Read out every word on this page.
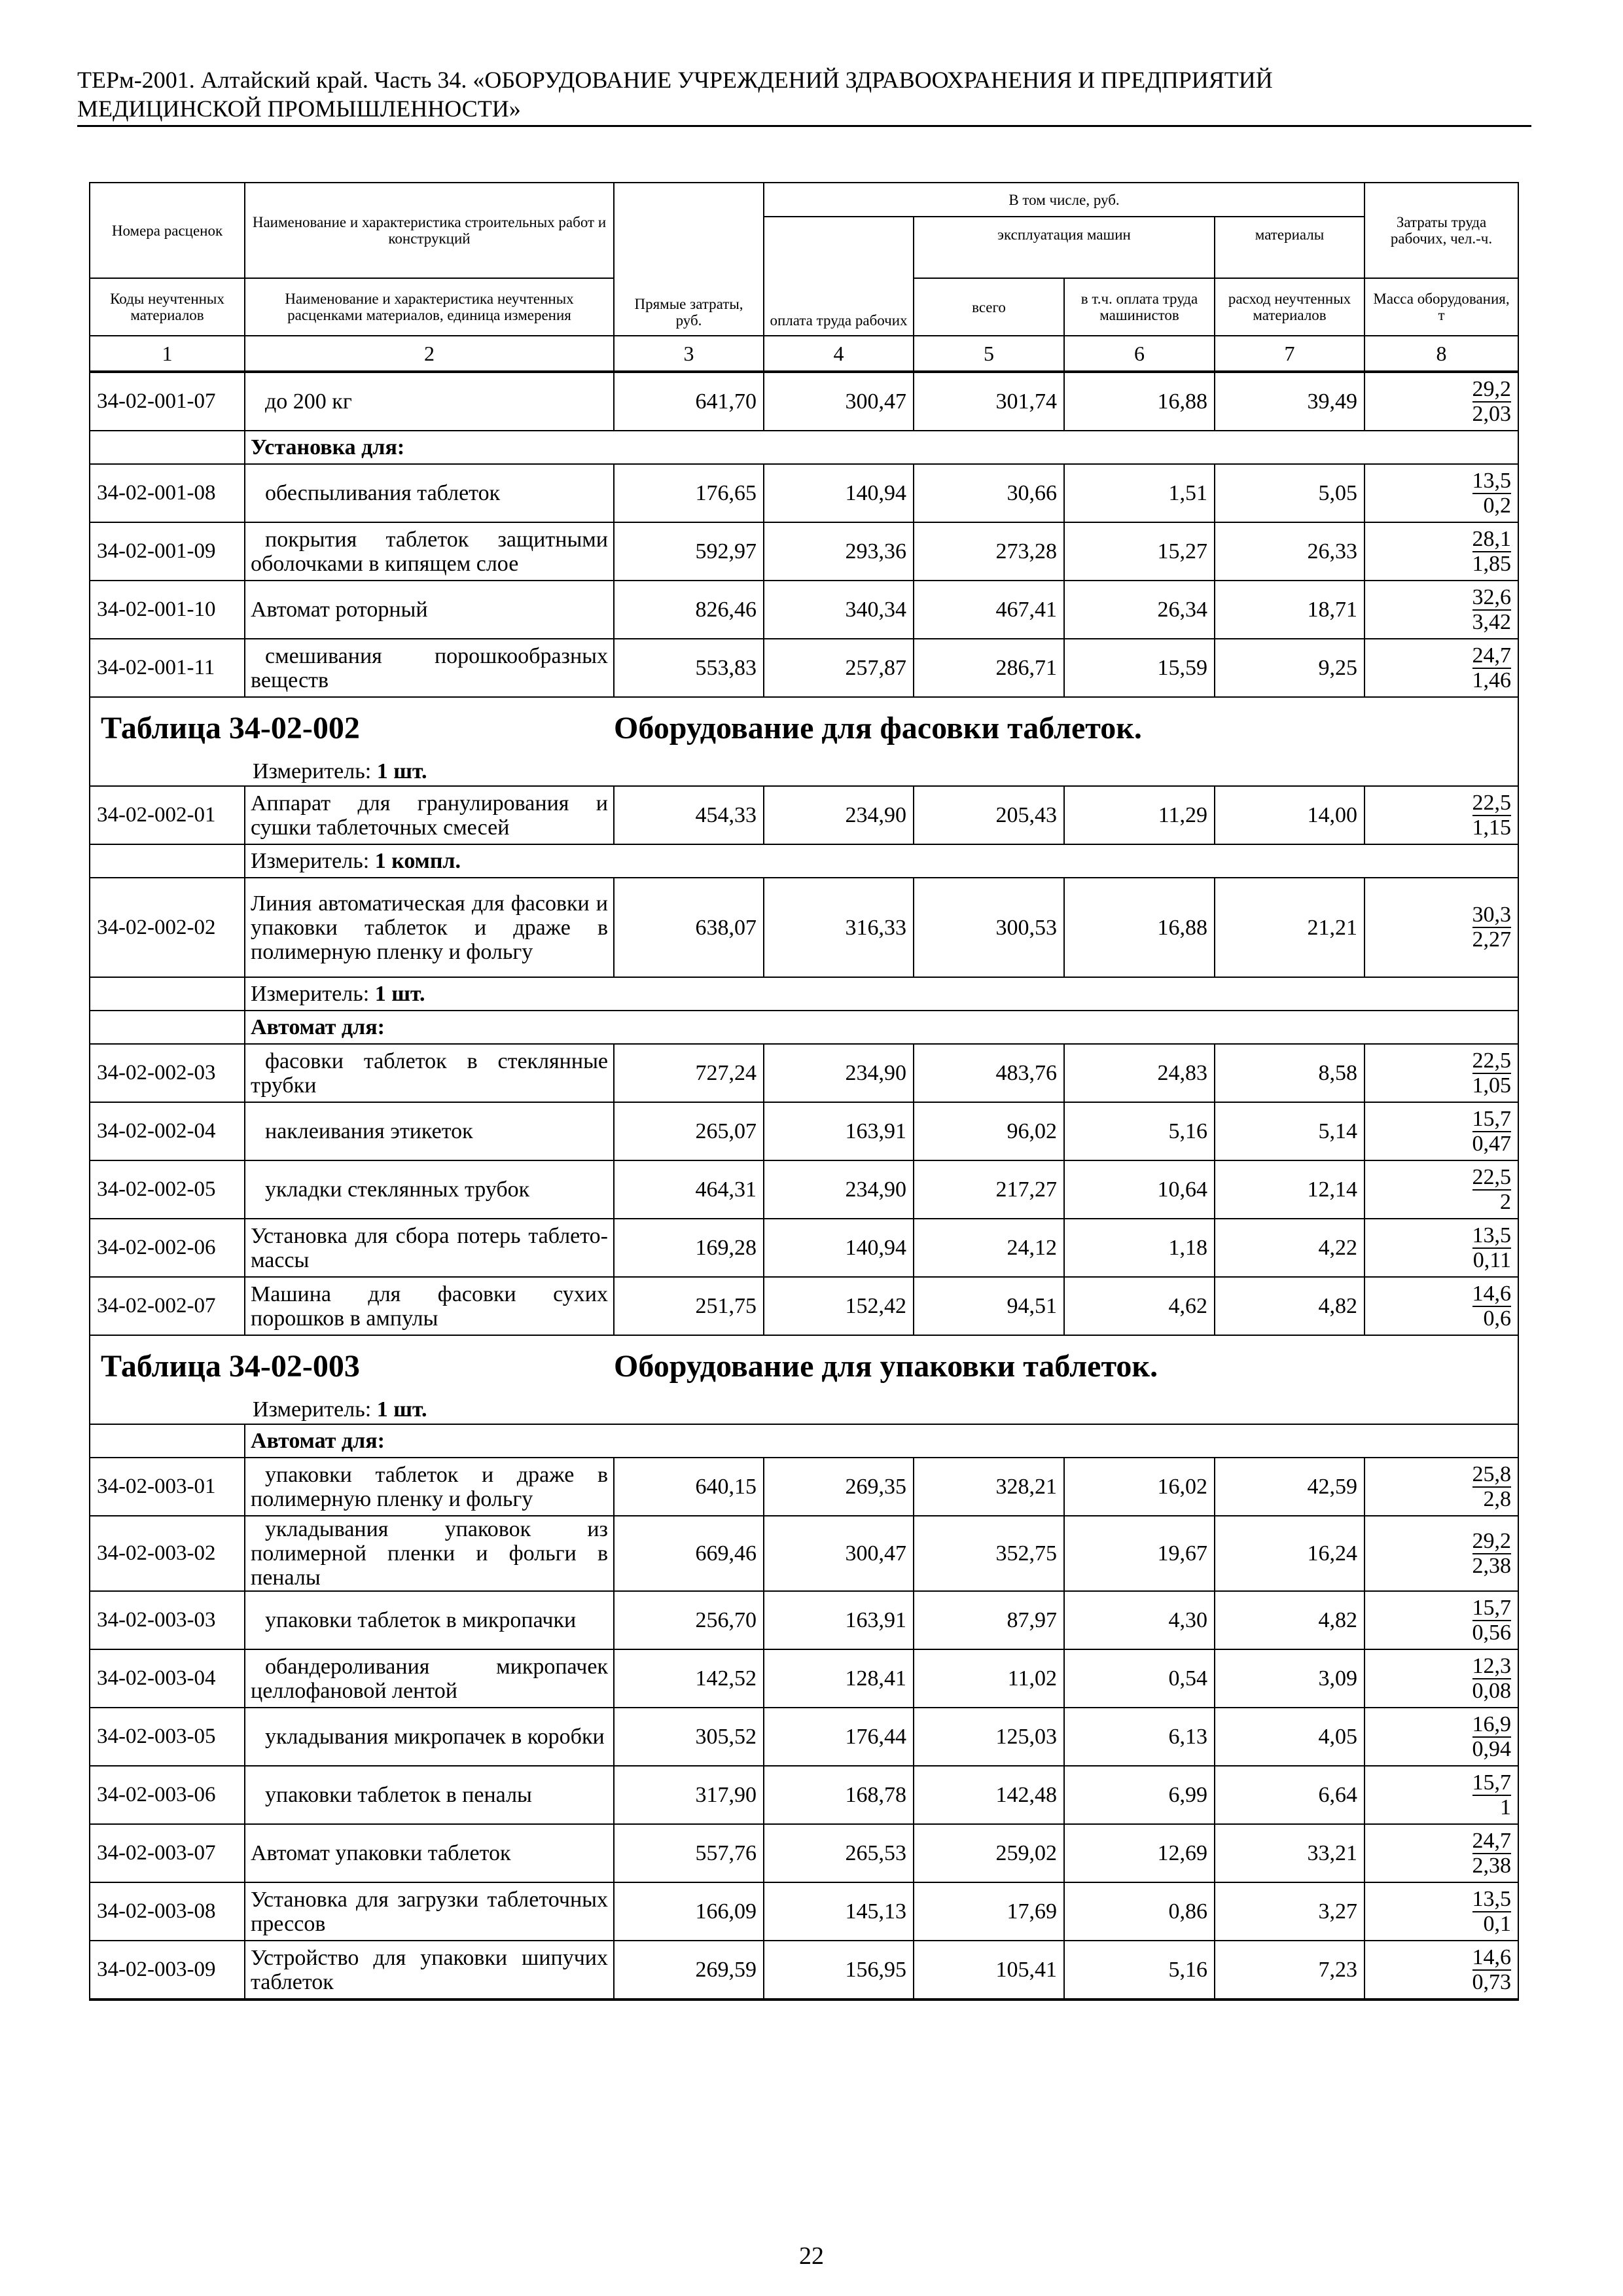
ТЕРм-2001. Алтайский край. Часть 34. «ОБОРУДОВАНИЕ УЧРЕЖДЕНИЙ ЗДРАВООХРАНЕНИЯ И ПРЕДПРИЯТИЙ
МЕДИЦИНСКОЙ ПРОМЫШЛЕННОСТИ»
Номера расценок	Наименование и характеристика строительных работ и конструкций	Прямые затраты, руб.	В том числе, руб.				Затраты труда рабочих, чел.-ч.
			оплата труда рабочих	эксплуатация машин		материалы	
Коды неучтенных материалов	Наименование и характеристика неучтенных расценками материалов, единица измерения			всего	в т.ч. оплата труда машинистов	расход неучтенных материалов	Масса оборудования, т
1	2	3	4	5	6	7	8
34-02-001-07	до 200 кг	641,70	300,47	301,74	16,88	39,49	$\frac{29,2}{2,03}$

	Установка для:						
34-02-001-08	обеспыливания таблеток	176,65	140,94	30,66	1,51	5,05	$\frac{13,5}{0,2}$

34-02-001-09	покрытия таблеток защитными оболочками в кипящем слое	592,97	293,36	273,28	15,27	26,33	$\frac{28,1}{1,85}$

34-02-001-10	Автомат роторный	826,46	340,34	467,41	26,34	18,71	$\frac{32,6}{3,42}$

34-02-001-11	смешивания порошкообразных веществ	553,83	257,87	286,71	15,59	9,25	$\frac{24,7}{1,46}$

Таблица 34-02-002 Оборудование для фасовки таблеток.
Измеритель: 1 шт.							

34-02-002-01	Аппарат для гранулирования и сушки таблеточных смесей	454,33	234,90	205,43	11,29	14,00	$\frac{22,5}{1,15}$

	Измеритель: 1 компл.						
34-02-002-02	Линия автоматическая для фасовки и упаковки таблеток и драже в полимерную пленку и фольгу	638,07	316,33	300,53	16,88	21,21	$\frac{30,3}{2,27}$

	Измеритель: 1 шт.						
	Автомат для:						
34-02-002-03	фасовки таблеток в стеклянные трубки	727,24	234,90	483,76	24,83	8,58	$\frac{22,5}{1,05}$

34-02-002-04	наклеивания этикеток	265,07	163,91	96,02	5,16	5,14	$\frac{15,7}{0,47}$

34-02-002-05	укладки стеклянных трубок	464,31	234,90	217,27	10,64	12,14	$\frac{22,5}{2}$

34-02-002-06	Установка для сбора потерь таблето-массы	169,28	140,94	24,12	1,18	4,22	$\frac{13,5}{0,11}$

34-02-002-07	Машина для фасовки сухих порошков в ампулы	251,75	152,42	94,51	4,62	4,82	$\frac{14,6}{0,6}$

Таблица 34-02-003 Оборудование для упаковки таблеток.
Измеритель: 1 шт.							

	Автомат для:						
34-02-003-01	упаковки таблеток и драже в полимерную пленку и фольгу	640,15	269,35	328,21	16,02	42,59	$\frac{25,8}{2,8}$

34-02-003-02	укладывания упаковок из полимерной пленки и фольги в пеналы	669,46	300,47	352,75	19,67	16,24	$\frac{29,2}{2,38}$

34-02-003-03	упаковки таблеток в микропачки	256,70	163,91	87,97	4,30	4,82	$\frac{15,7}{0,56}$

34-02-003-04	обандероливания микропачек целлофановой лентой	142,52	128,41	11,02	0,54	3,09	$\frac{12,3}{0,08}$

34-02-003-05	укладывания микропачек в коробки	305,52	176,44	125,03	6,13	4,05	$\frac{16,9}{0,94}$

34-02-003-06	упаковки таблеток в пеналы	317,90	168,78	142,48	6,99	6,64	$\frac{15,7}{1}$

34-02-003-07	Автомат упаковки таблеток	557,76	265,53	259,02	12,69	33,21	$\frac{24,7}{2,38}$

34-02-003-08	Установка для загрузки таблеточных прессов	166,09	145,13	17,69	0,86	3,27	$\frac{13,5}{0,1}$

34-02-003-09	Устройство для упаковки шипучих таблеток	269,59	156,95	105,41	5,16	7,23	$\frac{14,6}{0,73}$
22
